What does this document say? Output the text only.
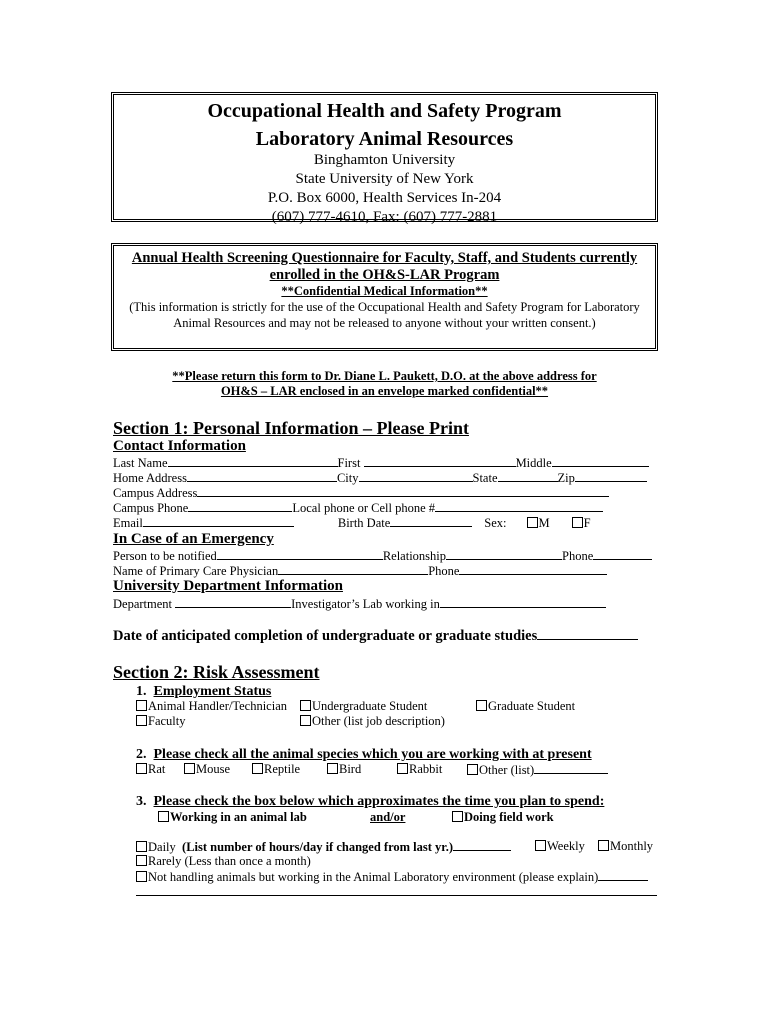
Occupational Health and Safety Program
Laboratory Animal Resources
Binghamton University
State University of New York
P.O. Box 6000, Health Services In-204
(607) 777-4610, Fax: (607) 777-2881
Annual Health Screening Questionnaire for Faculty, Staff, and Students currently enrolled in the OH&S-LAR Program
**Confidential Medical Information**
(This information is strictly for the use of the Occupational Health and Safety Program for Laboratory Animal Resources and may not be released to anyone without your written consent.)
**Please return this form to Dr. Diane L. Paukett, D.O. at the above address for
OH&S – LAR enclosed in an envelope marked confidential**
Section 1: Personal Information – Please Print
Contact Information
Last Name	First	Middle
Home Address	City	State	Zip
Campus Address
Campus Phone	Local phone or Cell phone #
Email	Birth Date	Sex:	M	F
In Case of an Emergency
Person to be notified	Relationship	Phone
Name of Primary Care Physician	Phone
University Department Information
Department	Investigator’s Lab working in
Date of anticipated completion of undergraduate or graduate studies
Section 2: Risk Assessment
1. Employment Status
Animal Handler/Technician	Undergraduate Student	Graduate Student
Faculty	Other (list job description)
2. Please check all the animal species which you are working with at present
Rat	Mouse	Reptile	Bird	Rabbit	Other (list)
3. Please check the box below which approximates the time you plan to spend:
Working in an animal lab	and/or	Doing field work
Daily (List number of hours/day if changed from last yr.)	Weekly	Monthly
Rarely (Less than once a month)
Not handling animals but working in the Animal Laboratory environment (please explain)
